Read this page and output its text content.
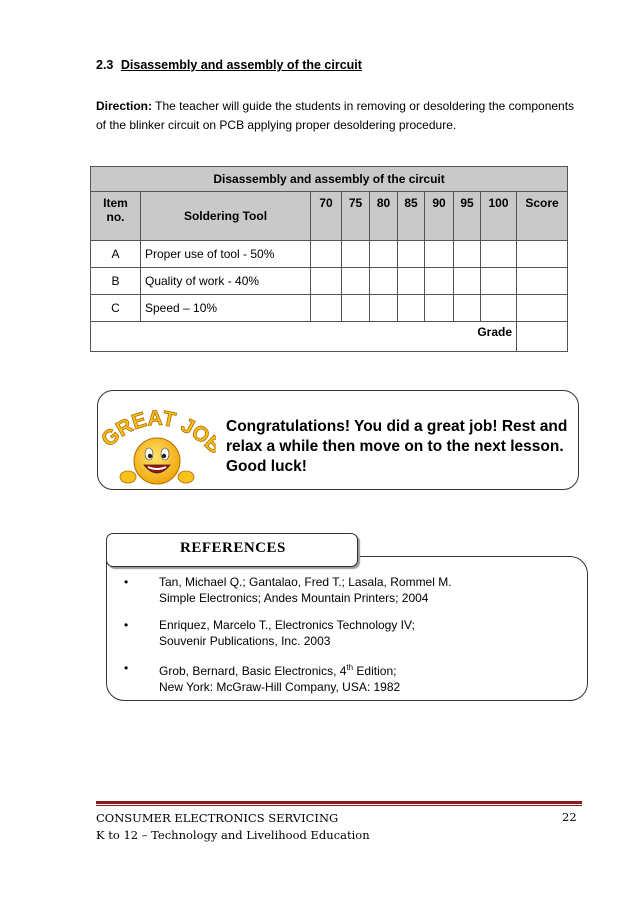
2.3 Disassembly and assembly of the circuit
Direction: The teacher will guide the students in removing or desoldering the components of the blinker circuit on PCB applying proper desoldering procedure.
Disassembly and assembly of the circuit									
Item no.	Soldering Tool	70	75	80	85	90	95	100	Score
A	Proper use of tool - 50%								
B	Quality of work - 40%								
C	Speed – 10%								
Grade									
GREAT JO Congratulations! You did a great job! Rest and relax a while then move on to the next lesson. Good luck!
REFERENCES
•	Tan, Michael Q.; Gantalao, Fred T.; Lasala, Rommel M.
Simple Electronics; Andes Mountain Printers; 2004
•	Enriquez, Marcelo T., Electronics Technology IV;
Souvenir Publications, Inc. 2003
•	Grob, Bernard, Basic Electronics, 4th Edition;
New York: McGraw-Hill Company, USA: 1982
CONSUMER ELECTRONICS SERVICING
K to 12 – Technology and Livelihood Education
22
